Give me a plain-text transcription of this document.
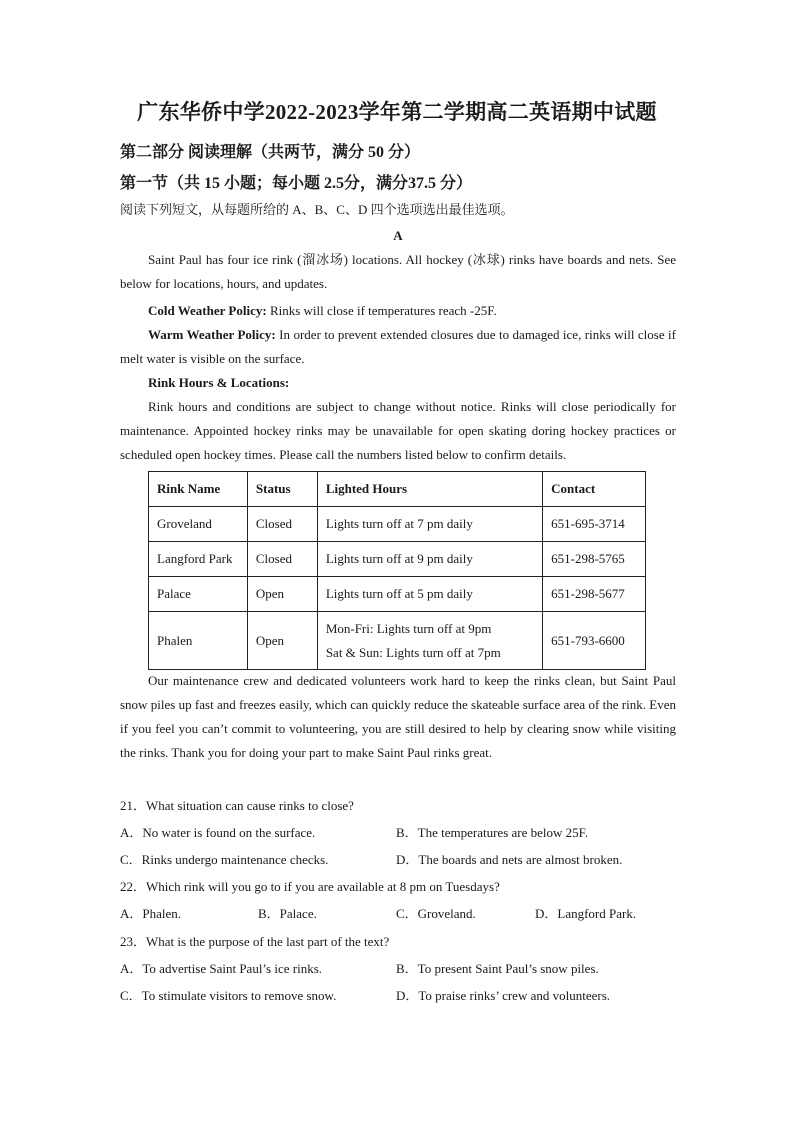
广东华侨中学2022-2023学年第二学期高二英语期中试题
第二部分 阅读理解（共两节，满分 50 分）
第一节（共 15 小题；每小题 2.5分，满分37.5 分）
阅读下列短文，从每题所给的 A、B、C、D 四个选项选出最佳选项。
A
Saint Paul has four ice rink (溜冰场) locations. All hockey (冰球) rinks have boards and nets. See below for locations, hours, and updates.
Cold Weather Policy: Rinks will close if temperatures reach -25F.
Warm Weather Policy: In order to prevent extended closures due to damaged ice, rinks will close if melt water is visible on the surface.
Rink Hours & Locations:
Rink hours and conditions are subject to change without notice. Rinks will close periodically for maintenance. Appointed hockey rinks may be unavailable for open skating doring hockey practices or scheduled open hockey times. Please call the numbers listed below to confirm details.
Rink Name	Status	Lighted Hours	Contact
Groveland	Closed	Lights turn off at 7 pm daily	651-695-3714
Langford Park	Closed	Lights turn off at 9 pm daily	651-298-5765
Palace	Open	Lights turn off at 5 pm daily	651-298-5677
Phalen	Open	Mon-Fri: Lights turn off at 9pm
Sat & Sun: Lights turn off at 7pm	651-793-6600
Our maintenance crew and dedicated volunteers work hard to keep the rinks clean, but Saint Paul snow piles up fast and freezes easily, which can quickly reduce the skateable surface area of the rink. Even if you feel you can’t commit to volunteering, you are still desired to help by clearing snow while visiting the rinks. Thank you for doing your part to make Saint Paul rinks great.
21．What situation can cause rinks to close?
A．No water is found on the surface.	B．The temperatures are below 25F.
C．Rinks undergo maintenance checks.	D．The boards and nets are almost broken.
22．Which rink will you go to if you are available at 8 pm on Tuesdays?
A．Phalen.	B．Palace.	C．Groveland.	D．Langford Park.
23．What is the purpose of the last part of the text?
A．To advertise Saint Paul’s ice rinks.	B．To present Saint Paul’s snow piles.
C．To stimulate visitors to remove snow.	D．To praise rinks’ crew and volunteers.
